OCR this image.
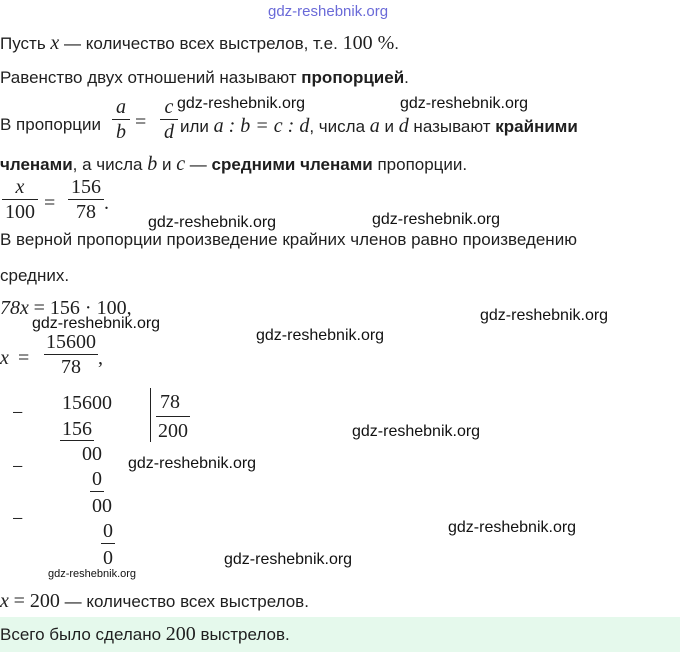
gdz-reshebnik.org
gdz-reshebnik.org	gdz-reshebnik.org
gdz-reshebnik.org	gdz-reshebnik.org
gdz-reshebnik.org	gdz-reshebnik.org
gdz-reshebnik.org
gdz-reshebnik.org
gdz-reshebnik.org
gdz-reshebnik.org
gdz-reshebnik.org
gdz-reshebnik.org
Пусть x — количество всех выстрелов, т.е. 100 %.
Равенство двух отношений называют пропорцией.
В пропорции
a
b =
c
d или a : b = c : d, числа a и d называют крайними
членами, а числа b и c — средними членами пропорции.
x
100 =
156
78 .
В верной пропорции произведение крайних членов равно произведению
средних.
78x = 156 · 100,
x =
15600
78 ,
− 15600
156
78
200
−
00
0
−
00
0
0
x = 200 — количество всех выстрелов.
Всего было сделано 200 выстрелов.
